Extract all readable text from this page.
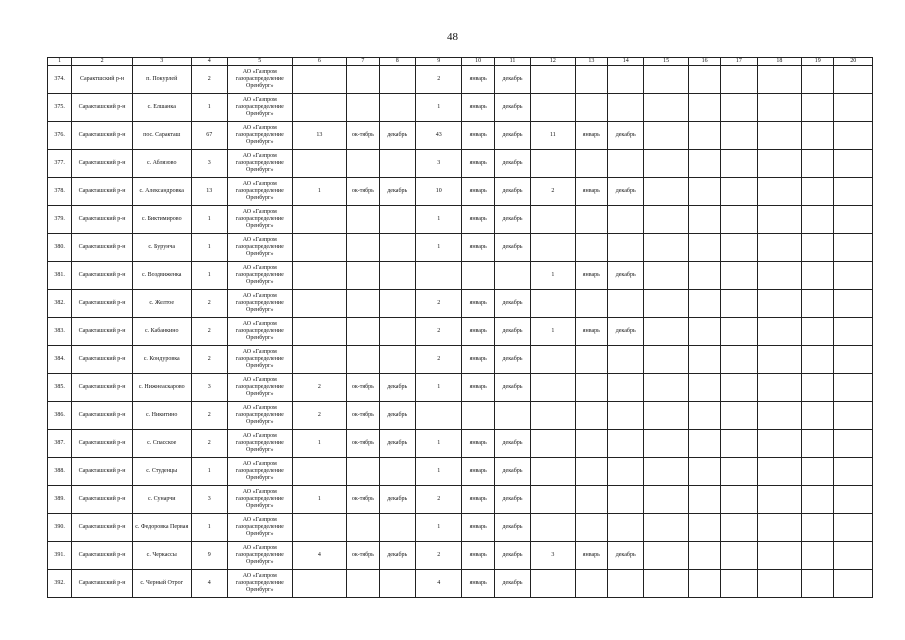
48
1	2	3	4	5	6	7	8	9	10	11	12	13	14	15	16	17	18	19	20
374.	Сарактшский р-н	п. Покурлей	2	АО «Газпром газораспределение Оренбург»				2	январь	декабрь									
375.	Саракташский р-н	с. Елшанка	1	АО «Газпром газораспределение Оренбург»				1	январь	декабрь									
376.	Саракташский р-н	пос. Саракташ	67	АО «Газпром газораспределение Оренбург»	13	ок-тябрь	декабрь	43	январь	декабрь	11	январь	декабрь						
377.	Саракташский р-н	с. Аблязово	3	АО «Газпром газораспределение Оренбург»				3	январь	декабрь									
378.	Саракташский р-н	с. Александровка	13	АО «Газпром газораспределение Оренбург»	1	ок-тябрь	декабрь	10	январь	декабрь	2	январь	декабрь						
379.	Саракташский р-н	с. Биктимирово	1	АО «Газпром газораспределение Оренбург»				1	январь	декабрь									
380.	Саракташский р-н	с. Бурунча	1	АО «Газпром газораспределение Оренбург»				1	январь	декабрь									
381.	Саракташский р-н	с. Воздвиженка	1	АО «Газпром газораспределение Оренбург»							1	январь	декабрь						
382.	Саракташский р-н	с. Желтое	2	АО «Газпром газораспределение Оренбург»				2	январь	декабрь									
383.	Саракташский р-н	с. Кабанкино	2	АО «Газпром газораспределение Оренбург»				2	январь	декабрь	1	январь	декабрь						
384.	Саракташский р-н	с. Кондуровка	2	АО «Газпром газораспределение Оренбург»				2	январь	декабрь									
385.	Саракташский р-н	с. Нижнеаскарово	3	АО «Газпром газораспределение Оренбург»	2	ок-тябрь	декабрь	1	январь	декабрь									
386.	Саракташский р-н	с. Никитино	2	АО «Газпром газораспределение Оренбург»	2	ок-тябрь	декабрь												
387.	Саракташский р-н	с. Спасское	2	АО «Газпром газораспределение Оренбург»	1	ок-тябрь	декабрь	1	январь	декабрь									
388.	Саракташский р-н	с. Студенцы	1	АО «Газпром газораспределение Оренбург»				1	январь	декабрь									
389.	Саракташский р-н	с. Сунарчи	3	АО «Газпром газораспределение Оренбург»	1	ок-тябрь	декабрь	2	январь	декабрь									
390.	Саракташский р-н	с. Федоровка Первая	1	АО «Газпром газораспределение Оренбург»				1	январь	декабрь									
391.	Саракташский р-н	с. Черкассы	9	АО «Газпром газораспределение Оренбург»	4	ок-тябрь	декабрь	2	январь	декабрь	3	январь	декабрь						
392.	Саракташский р-н	с. Черный Отрог	4	АО «Газпром газораспределение Оренбург»				4	январь	декабрь									
